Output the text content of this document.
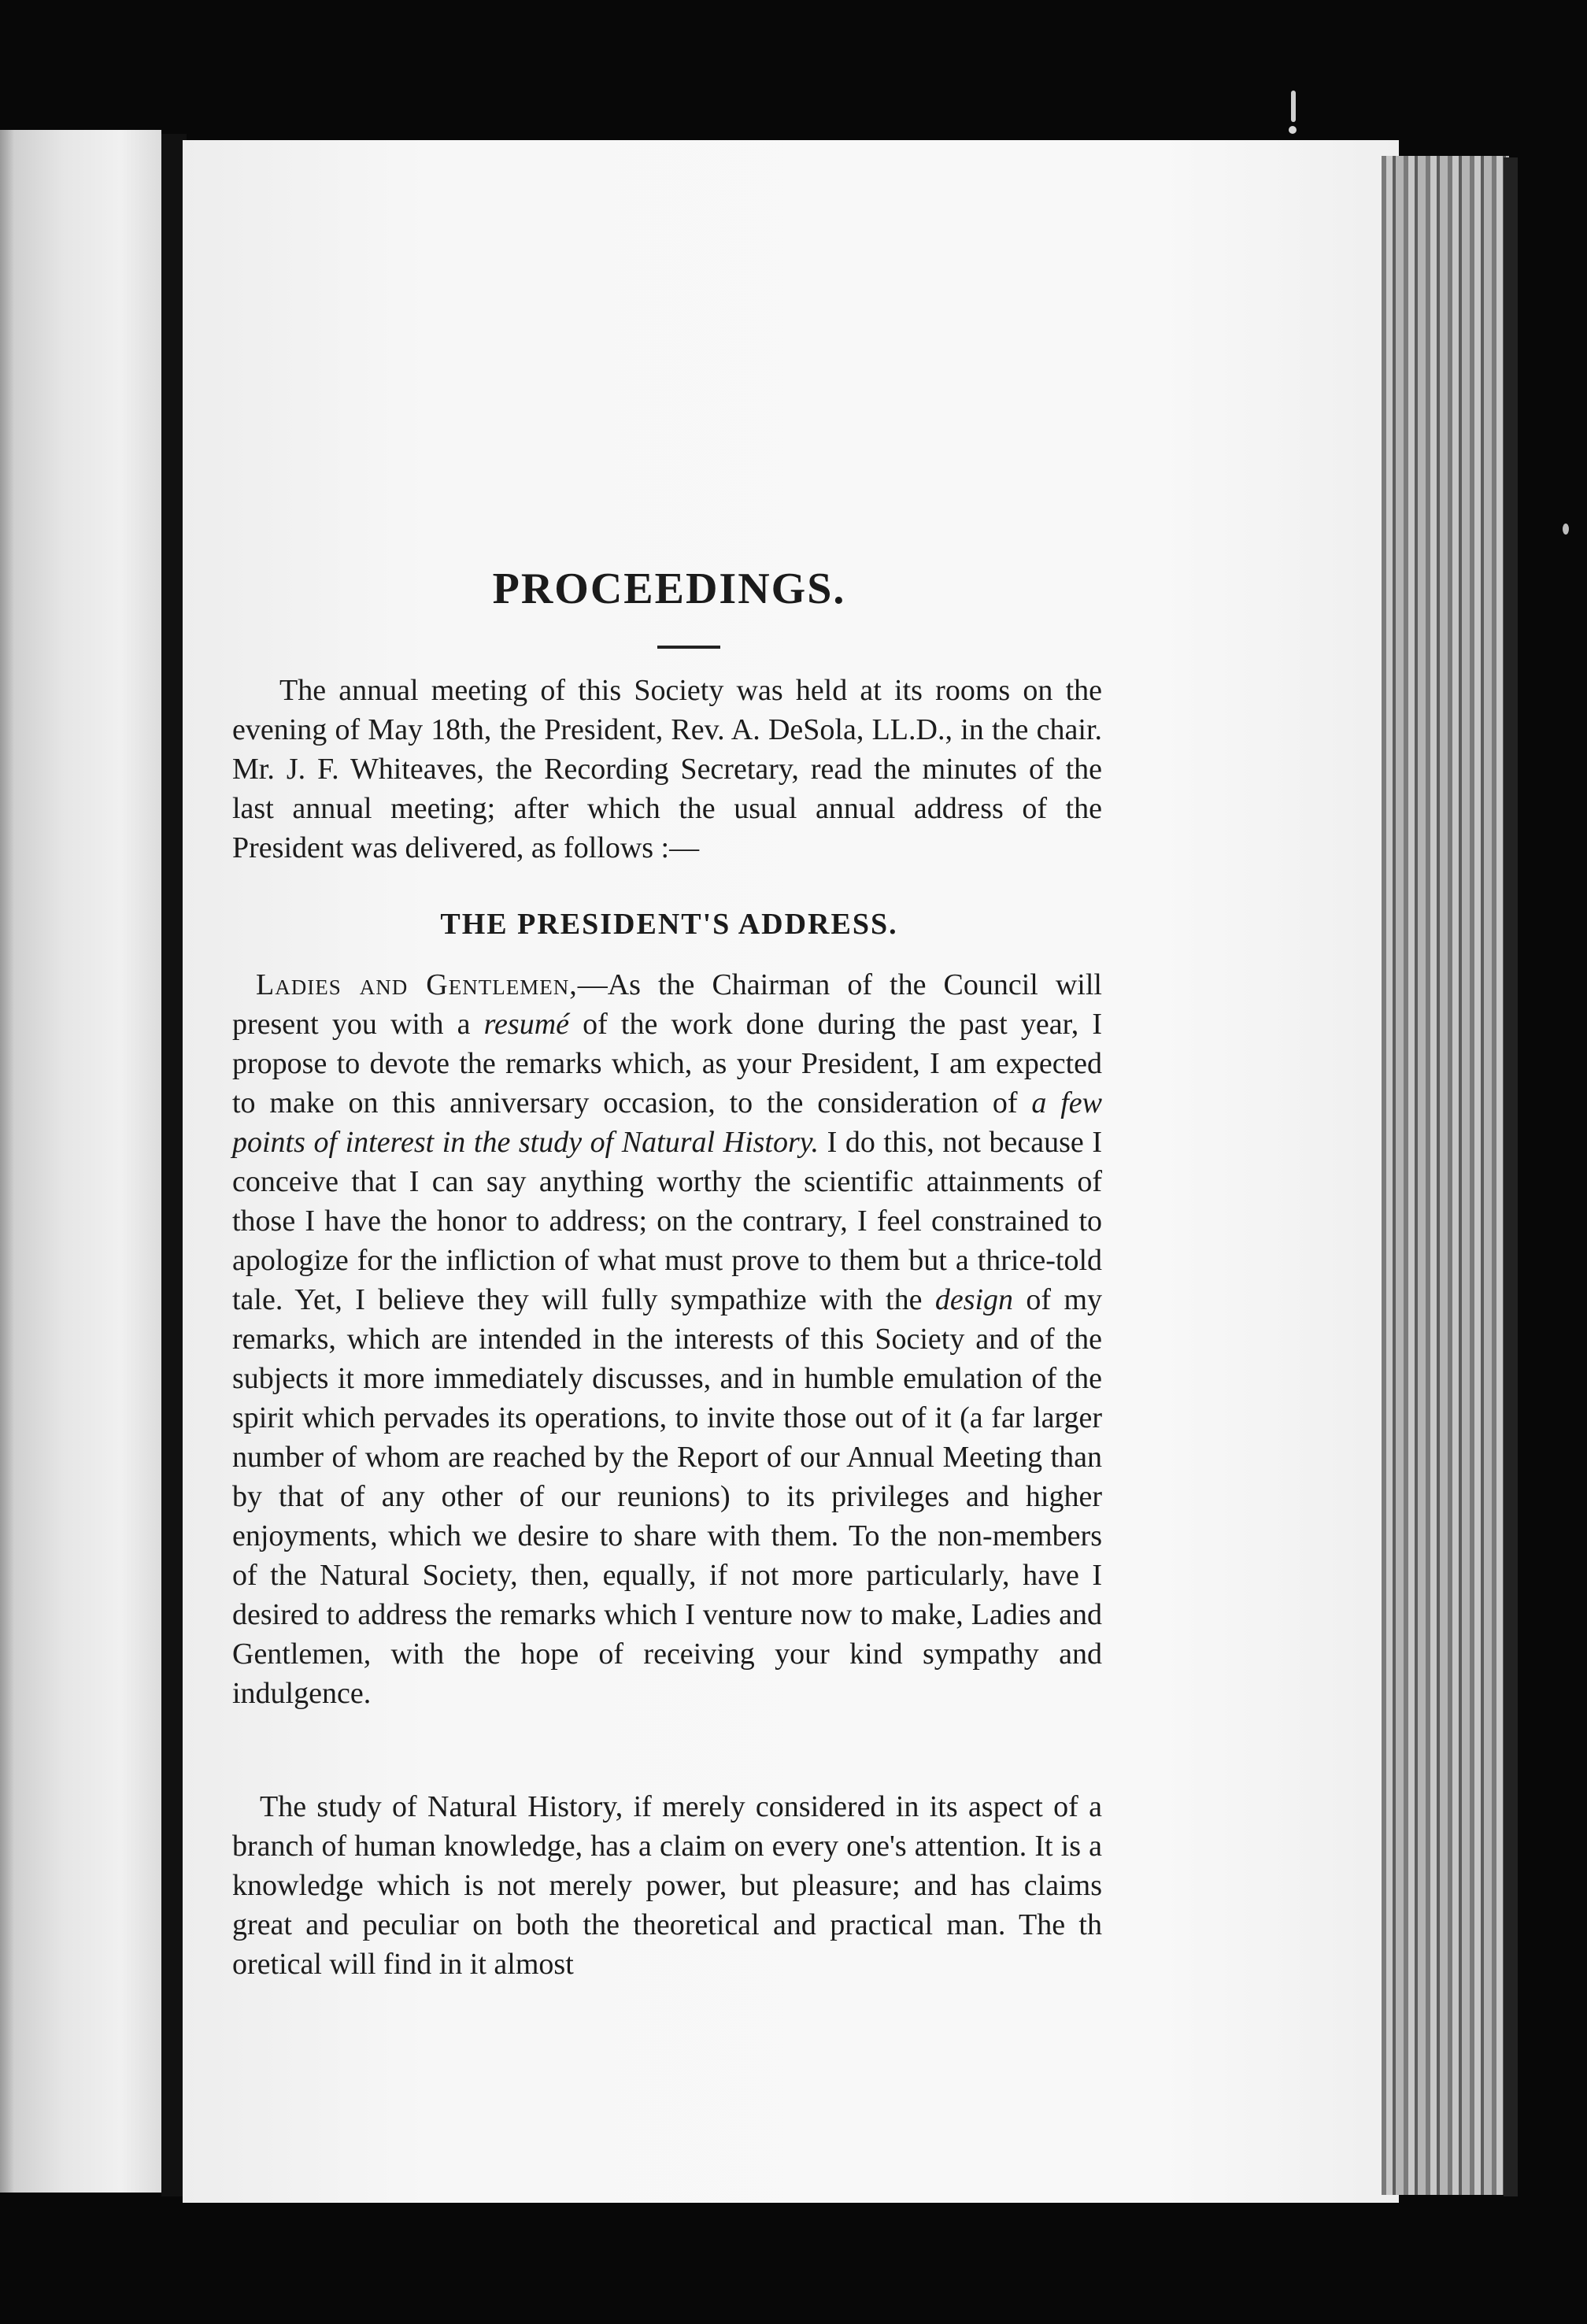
PROCEEDINGS.

The annual meeting of this Society was held at its rooms on the evening of May 18th, the President, Rev. A. DeSola, LL.D., in the chair. Mr. J. F. Whiteaves, the Recording Secretary, read the minutes of the last annual meeting; after which the usual annual address of the President was delivered, as follows :—

THE PRESIDENT'S ADDRESS.

Ladies and Gentlemen,—As the Chairman of the Council will present you with a resumé of the work done during the past year, I propose to devote the remarks which, as your President, I am expected to make on this anniversary occasion, to the consideration of a few points of interest in the study of Natural History. I do this, not because I conceive that I can say anything worthy the scientific attainments of those I have the honor to address; on the contrary, I feel constrained to apologize for the infliction of what must prove to them but a thrice-told tale. Yet, I believe they will fully sympathize with the design of my remarks, which are intended in the interests of this Society and of the subjects it more immediately discusses, and in humble emulation of the spirit which pervades its operations, to invite those out of it (a far larger number of whom are reached by the Report of our Annual Meeting than by that of any other of our reunions) to its privileges and higher enjoyments, which we desire to share with them. To the non-members of the Natural Society, then, equally, if not more particularly, have I desired to address the remarks which I venture now to make, Ladies and Gentlemen, with the hope of receiving your kind sympathy and indulgence.

The study of Natural History, if merely considered in its aspect of a branch of human knowledge, has a claim on every one's attention. It is a knowledge which is not merely power, but pleasure; and has claims great and peculiar on both the theoretical and practical man. The th oretical will find in it almost
